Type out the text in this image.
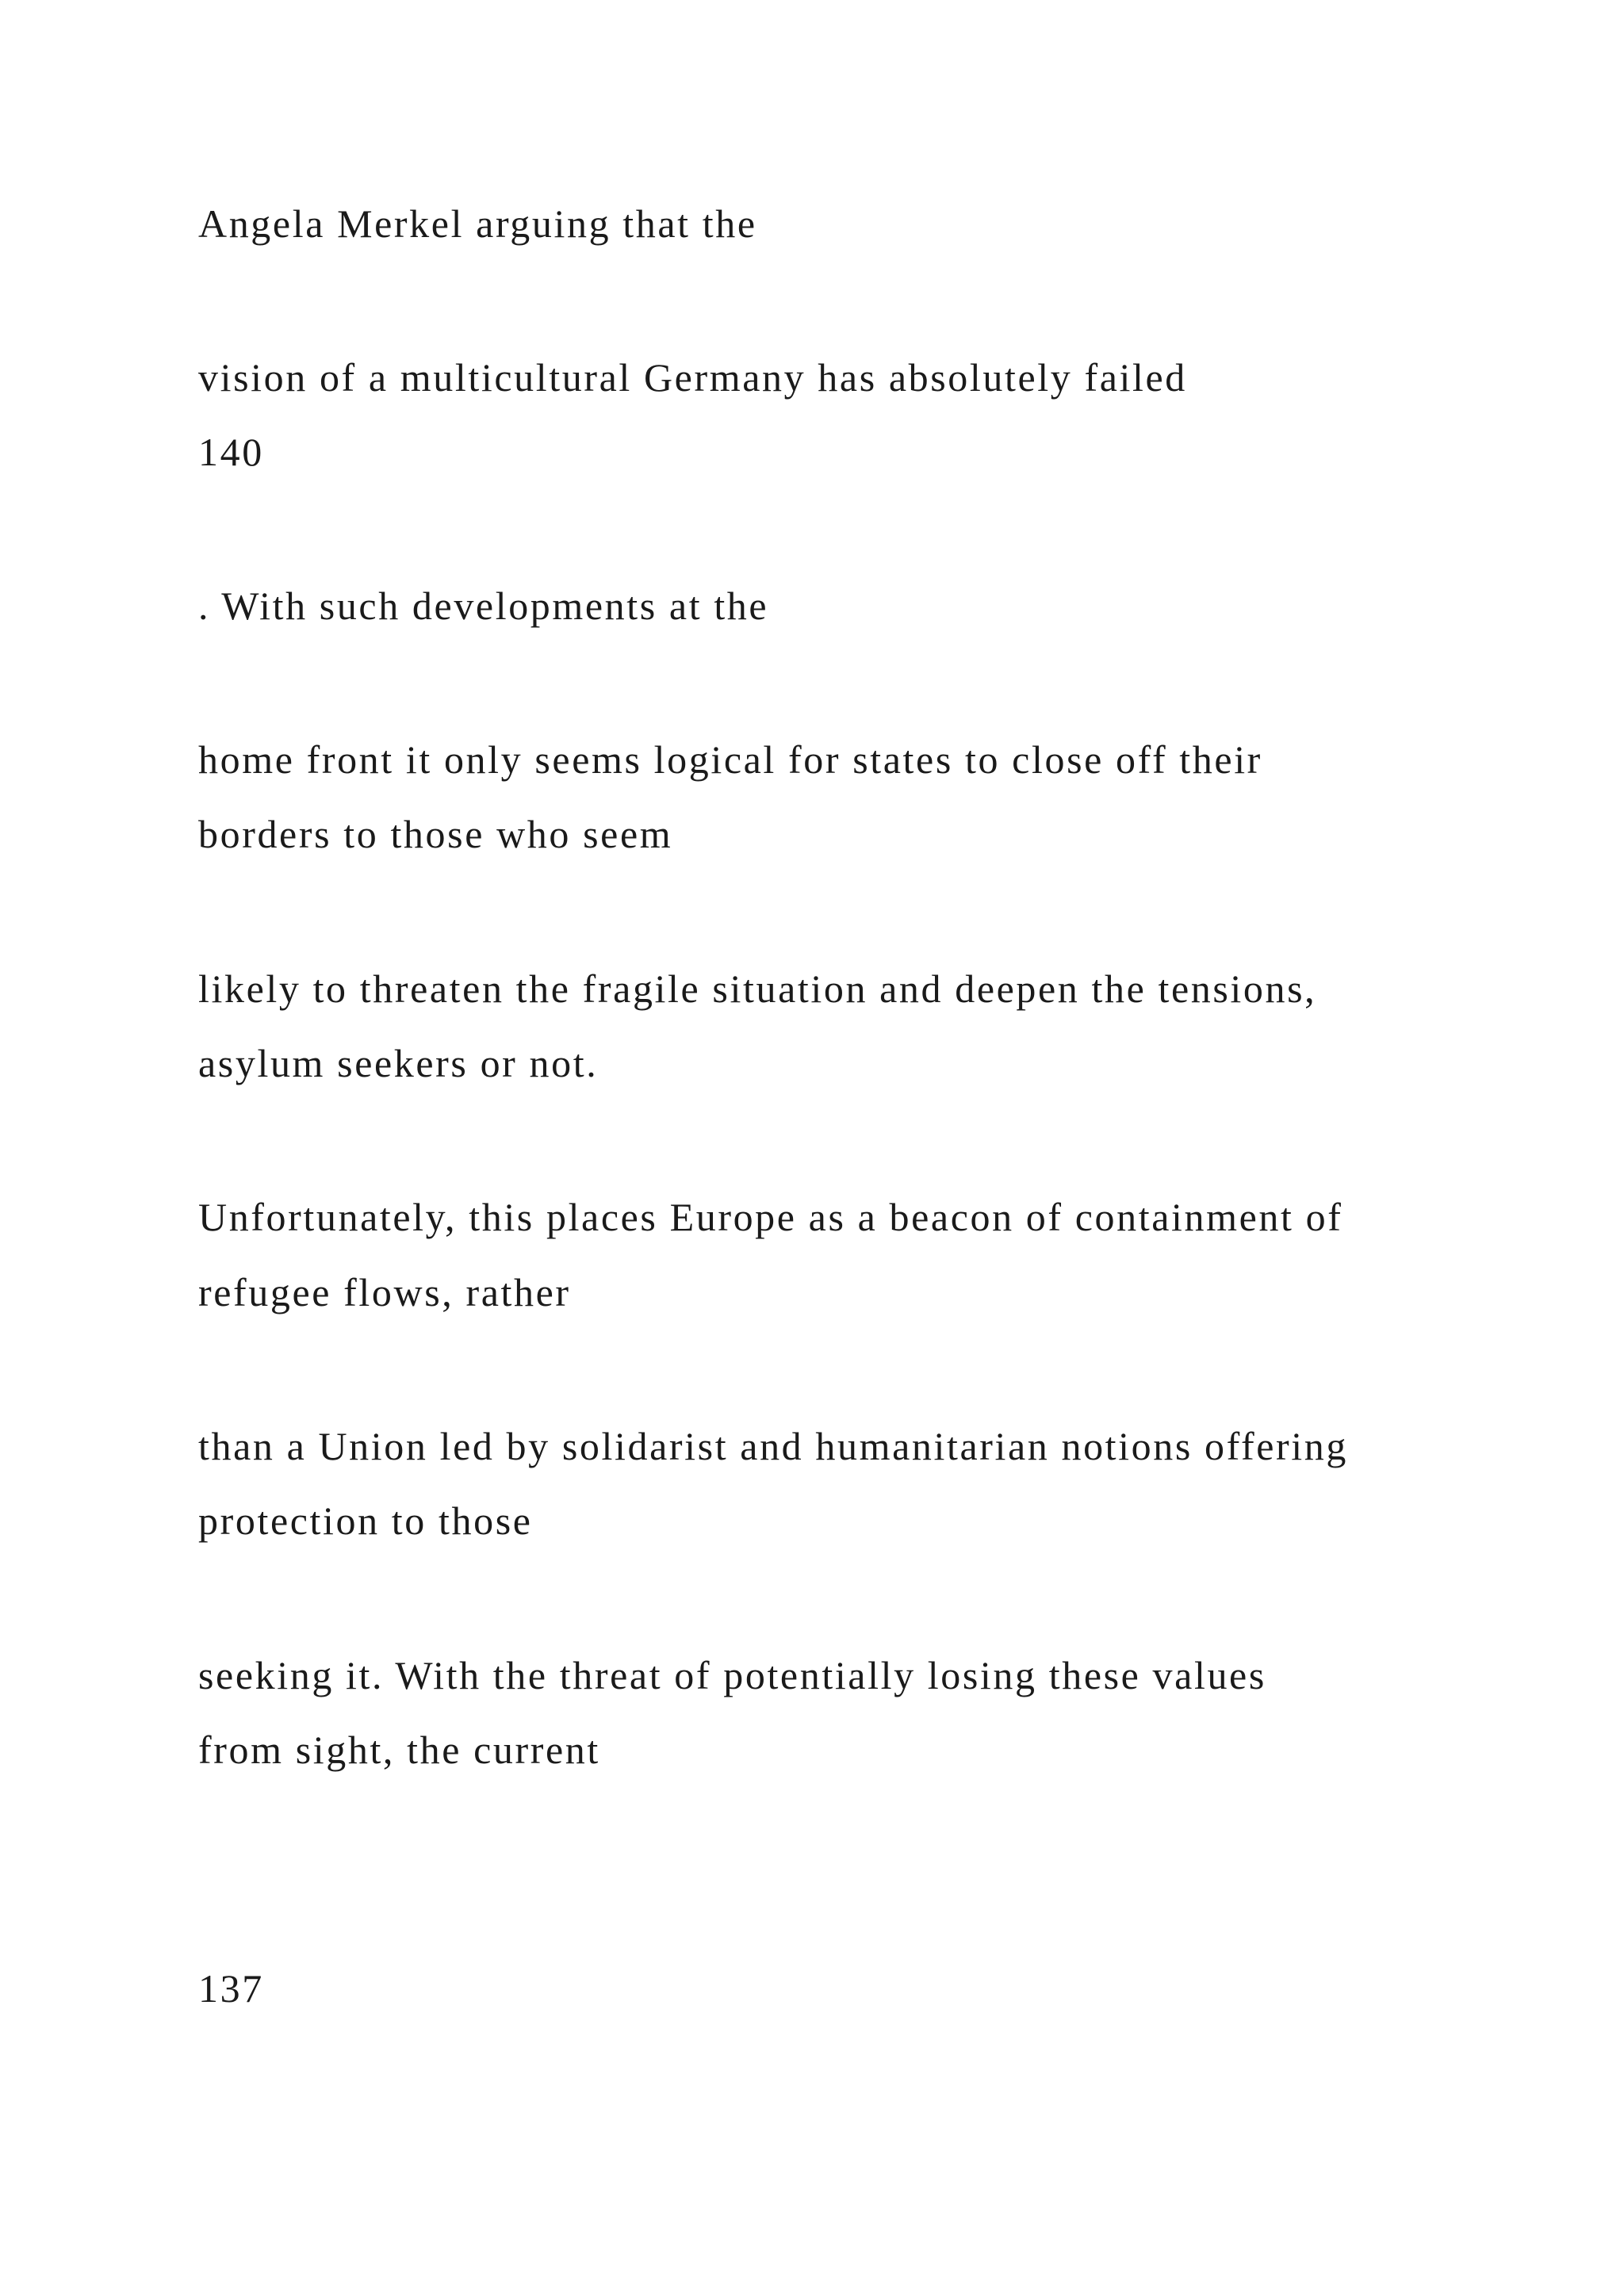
Angela Merkel arguing that the

vision of a multicultural Germany has absolutely failed

140

. With such developments at the

home front it only seems logical for states to close off their

borders to those who seem

likely to threaten the fragile situation and deepen the tensions,

asylum seekers or not.

Unfortunately, this places Europe as a beacon of containment of

refugee flows, rather

than a Union led by solidarist and humanitarian notions offering

protection to those

seeking it. With the threat of potentially losing these values

from sight, the current

137
